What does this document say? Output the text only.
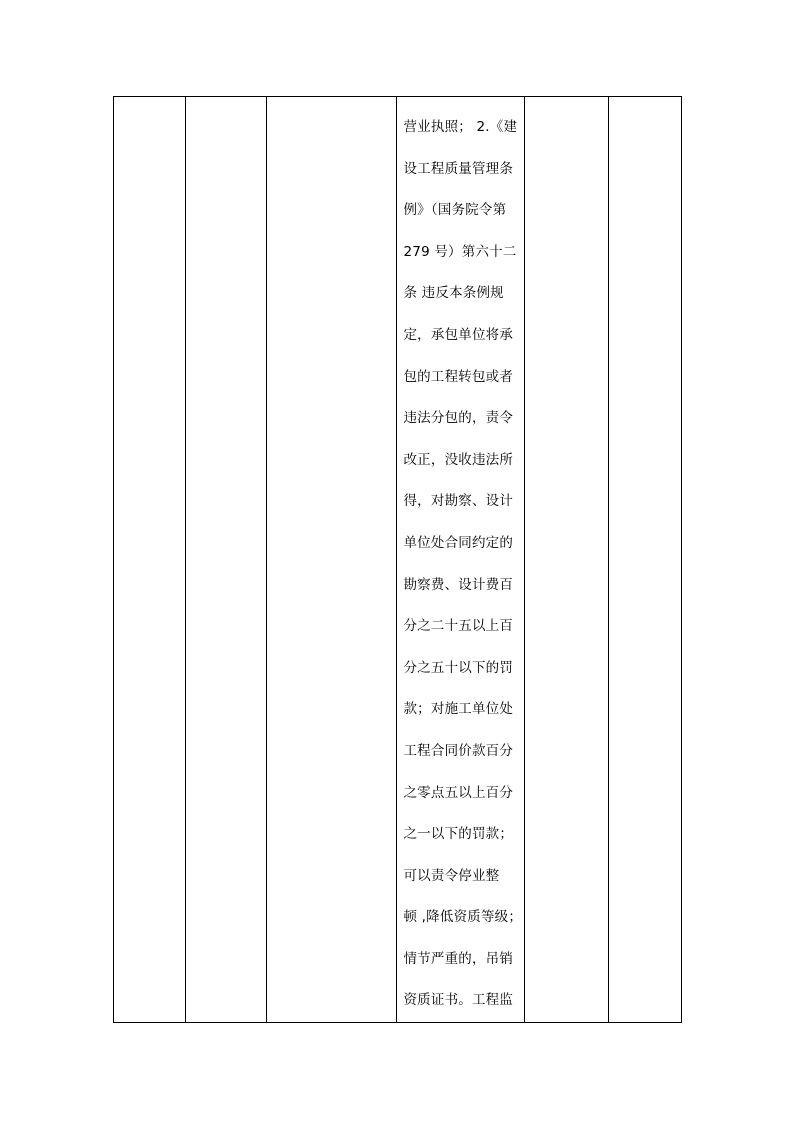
营业执照； 2.《建
设工程质量管理条
例》（国务院令第
279 号）第六十二
条 违反本条例规
定，承包单位将承
包的工程转包或者
违法分包的，责令
改正，没收违法所
得，对勘察、设计
单位处合同约定的
勘察费、设计费百
分之二十五以上百
分之五十以下的罚
款；对施工单位处
工程合同价款百分
之零点五以上百分
之一以下的罚款；
可以责令停业整
顿 ,降低资质等级；
情节严重的，吊销
资质证书。工程监
